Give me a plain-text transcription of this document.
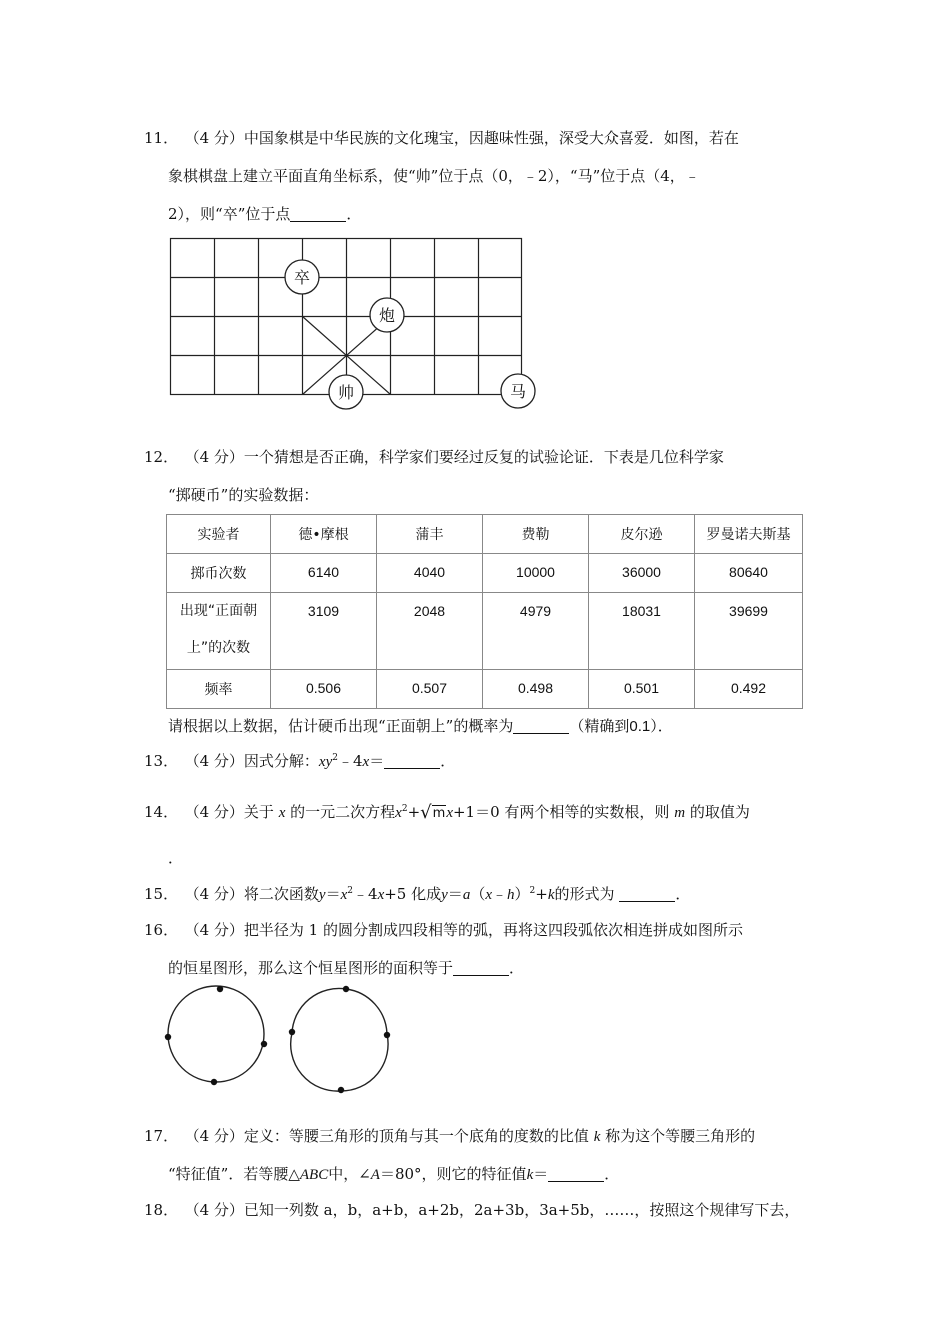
11． （4 分）中国象棋是中华民族的文化瑰宝，因趣味性强，深受大众喜爱．如图，若在
象棋棋盘上建立平面直角坐标系，使“帅”位于点（0，﹣2），“马”位于点（4，﹣
2），则“卒”位于点	．
卒
炮
帅	马
12． （4 分）一个猜想是否正确，科学家们要经过反复的试验论证．下表是几位科学家
“掷硬币”的实验数据：
实验者	德•摩根	蒲丰	费勒	皮尔逊	罗曼诺夫斯基
掷币次数	6140	4040	10000	36000	80640

出现“正面朝
上”的次数	3109	2048	4979	18031	39699
频率	0.506	0.507	0.498	0.501	0.492
请根据以上数据，估计硬币出现“正面朝上”的概率为	（精确到0.1）．
13． （4 分）因式分解：$xy^2﹣4x=$	．
14． （4 分）关于 x 的一元二次方程$x^2+√mx+1=0$ 有两个相等的实数根，则 m 的取值为
．
15． （4 分）将二次函数$y=x^2﹣4x+5$ 化成y＝a（x﹣h）$^2$+k的形式为	．
16． （4 分）把半径为 1 的圆分割成四段相等的弧，再将这四段弧依次相连拼成如图所示
的恒星图形，那么这个恒星图形的面积等于	．
17． （4 分）定义：等腰三角形的顶角与其一个底角的度数的比值 k 称为这个等腰三角形的
“特征值”．若等腰△ABC中，∠A＝80°，则它的特征值k＝	．
18． （4 分）已知一列数 a，b，a+b，a+2b，2a+3b，3a+5b，……，按照这个规律写下去，
